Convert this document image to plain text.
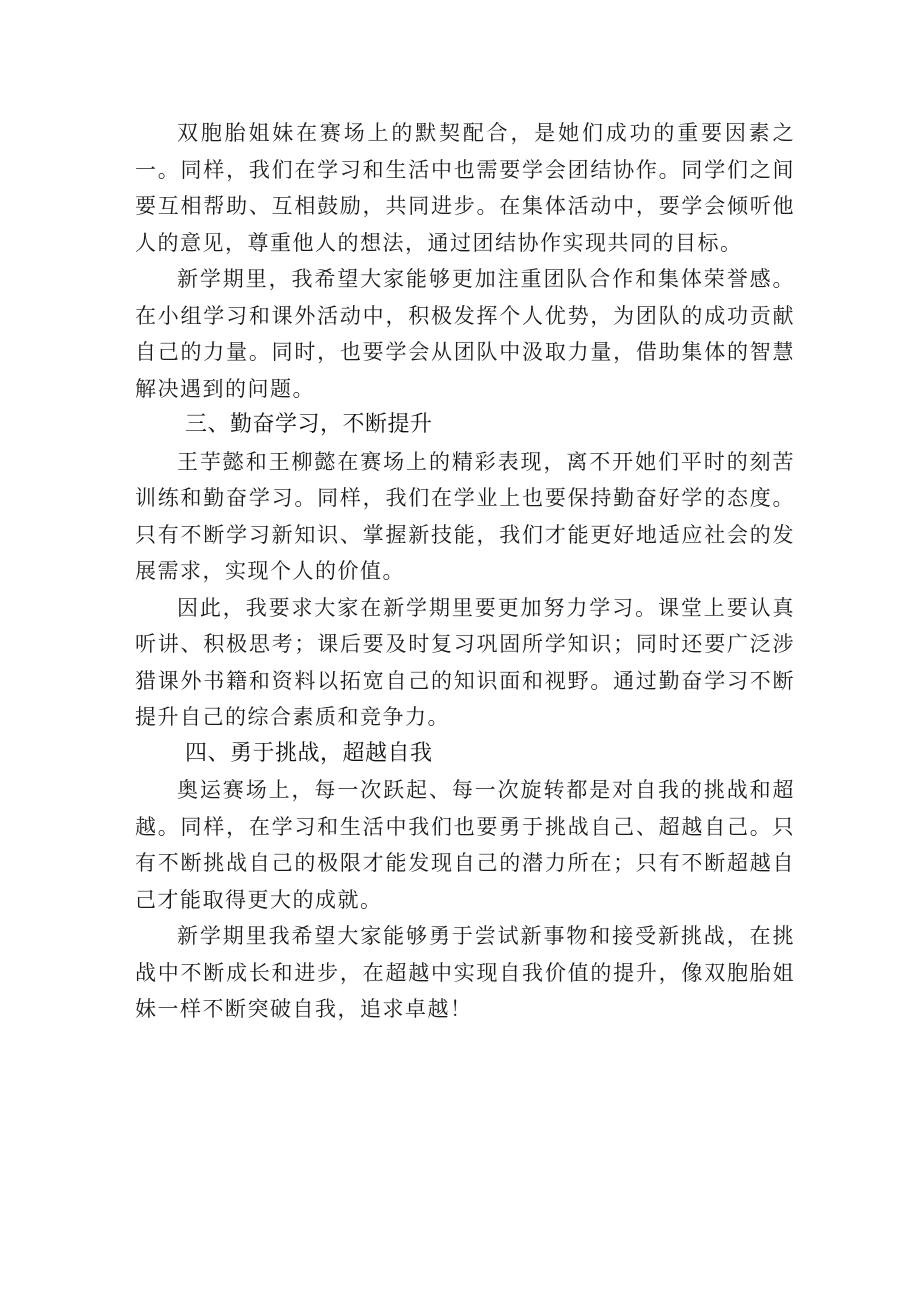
双胞胎姐妹在赛场上的默契配合，是她们成功的重要因素之一。同样，我们在学习和生活中也需要学会团结协作。同学们之间要互相帮助、互相鼓励，共同进步。在集体活动中，要学会倾听他人的意见，尊重他人的想法，通过团结协作实现共同的目标。

新学期里，我希望大家能够更加注重团队合作和集体荣誉感。在小组学习和课外活动中，积极发挥个人优势，为团队的成功贡献自己的力量。同时，也要学会从团队中汲取力量，借助集体的智慧解决遇到的问题。

三、勤奋学习，不断提升

王芋懿和王柳懿在赛场上的精彩表现，离不开她们平时的刻苦训练和勤奋学习。同样，我们在学业上也要保持勤奋好学的态度。只有不断学习新知识、掌握新技能，我们才能更好地适应社会的发展需求，实现个人的价值。

因此，我要求大家在新学期里要更加努力学习。课堂上要认真听讲、积极思考；课后要及时复习巩固所学知识；同时还要广泛涉猎课外书籍和资料以拓宽自己的知识面和视野。通过勤奋学习不断提升自己的综合素质和竞争力。

四、勇于挑战，超越自我

奥运赛场上，每一次跃起、每一次旋转都是对自我的挑战和超越。同样，在学习和生活中我们也要勇于挑战自己、超越自己。只有不断挑战自己的极限才能发现自己的潜力所在；只有不断超越自己才能取得更大的成就。

新学期里我希望大家能够勇于尝试新事物和接受新挑战，在挑战中不断成长和进步，在超越中实现自我价值的提升，像双胞胎姐妹一样不断突破自我，追求卓越！
